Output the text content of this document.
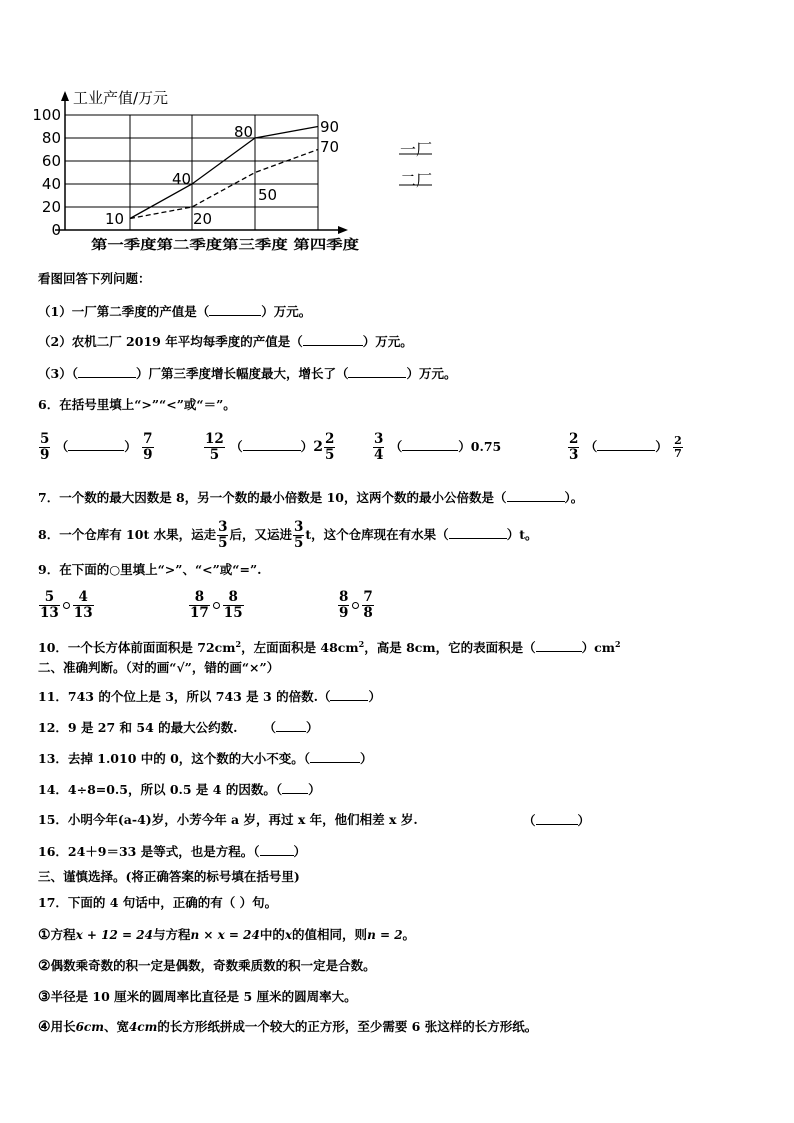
0
20
40
60
80
100
工业产值/万元
第一季度第二季度第三季度 第四季度
10
40
80	90
20
50
70	一厂
二厂
看图回答下列问题：
（1）一厂第二季度的产值是（	）万元。
（2）农机二厂 2019 年平均每季度的产值是（	）万元。
（3）（	）厂第三季度增长幅度最大，增长了（	）万元。
6．在括号里填上“>”“<”或“＝”。
$\frac{5}{9}$ （	） $\frac{7}{9}$	$\frac{12}{5}$ （	）$2 \frac{2}{5}$	$\frac{3}{4}$ （	）0.75	$\frac{2}{3}$ （	） $\frac{2}{7}$
7．一个数的最大因数是 8，另一个数的最小倍数是 10，这两个数的最小公倍数是（	）。
8．一个仓库有 10t 水果，运走 $\frac{3}{5}$ 后，又运进 $\frac{3}{5}$ t，这个仓库现在有水果（	）t。
9．在下面的○里填上“>”、“<”或“=”.
$\frac{5}{13} \frac{4}{13}$	$\frac{8}{17} \frac{8}{15}$	$\frac{8}{9} \frac{7}{8}$
10．一个长方体前面面积是 $72cm^2$，左面面积是 $48cm^2$，高是 8cm，它的表面积是（	）$cm^2$
二、准确判断。（对的画“√”，错的画“×”）
11．743 的个位上是 3，所以 743 是 3 的倍数.（	）
12．9 是 27 和 54 的最大公约数. （ ）
13．去掉 1.010 中的 0，这个数的大小不变。（	）
14．4÷8=0.5，所以 0.5 是 4 的因数。（ ）
15．小明今年(a-4)岁，小芳今年 a 岁，再过 x 年，他们相差 x 岁.	（	）
16．24＋9＝33 是等式，也是方程。（	）
三、谨慎选择。(将正确答案的标号填在括号里)
17．下面的 4 句话中，正确的有（ ）句。
①方程x + 12 = 24与方程n × x = 24中的x的值相同，则n = 2。
②偶数乘奇数的积一定是偶数，奇数乘质数的积一定是合数。
③半径是 10 厘米的圆周率比直径是 5 厘米的圆周率大。
④用长6cm、宽4cm的长方形纸拼成一个较大的正方形，至少需要 6 张这样的长方形纸。
